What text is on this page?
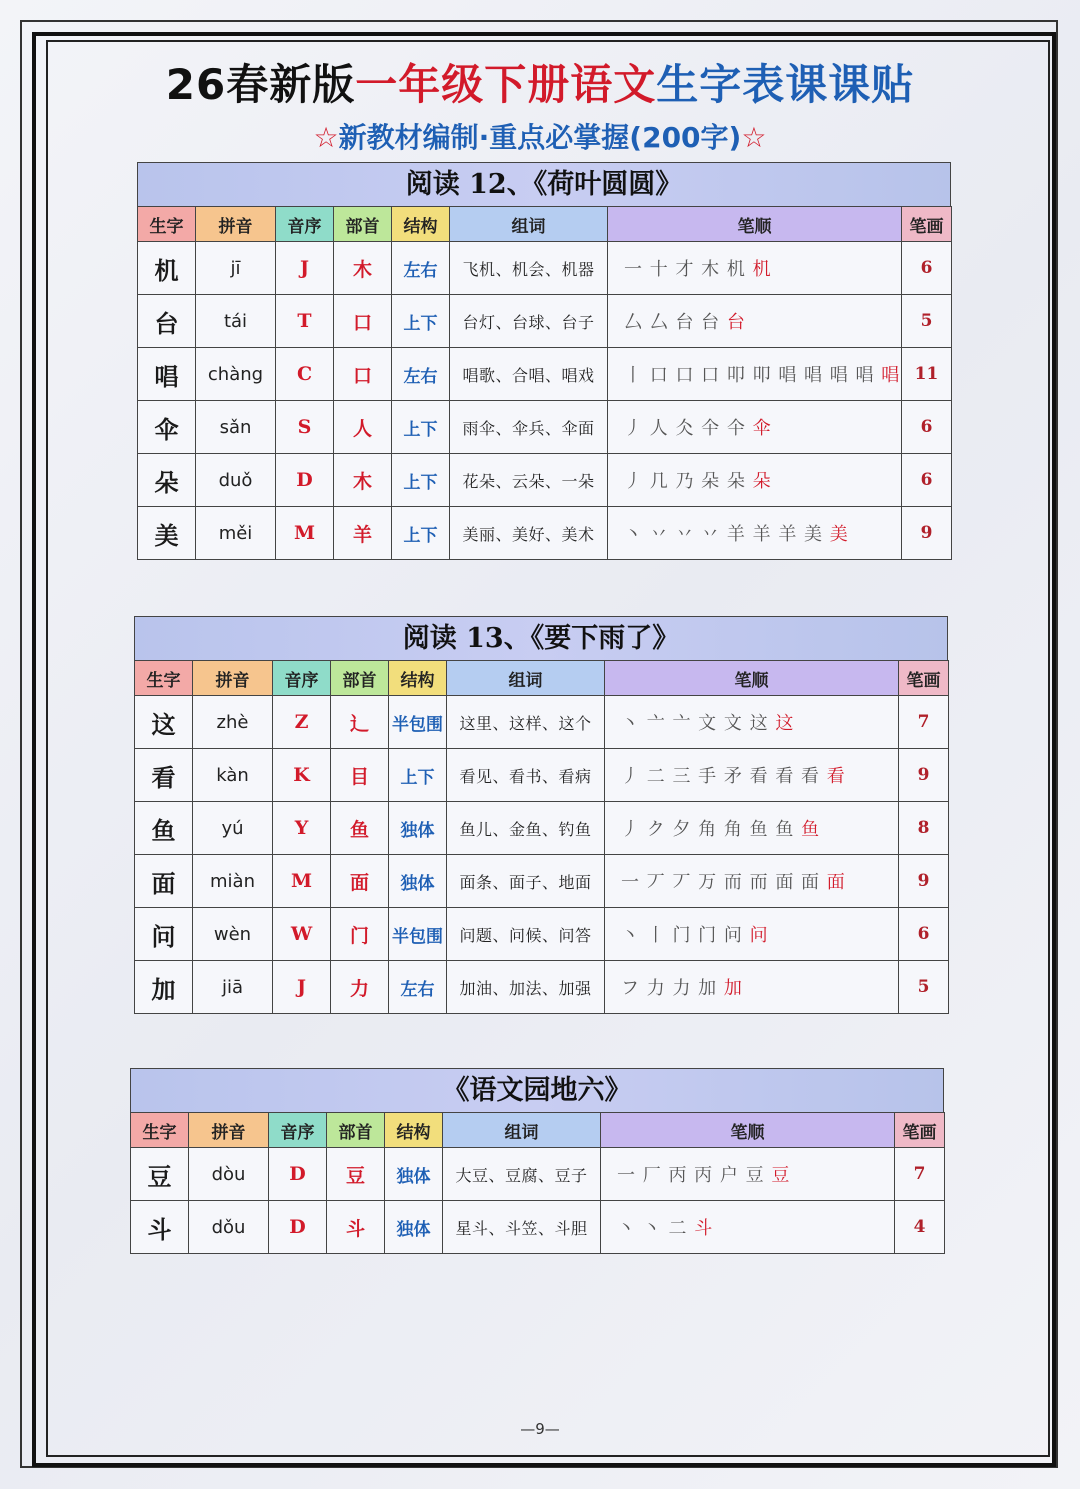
26春新版一年级下册语文生字表课课贴
☆新教材编制·重点必掌握(200字)☆
阅读 12、《荷叶圆圆》
生字	拼音	音序	部首	结构	组词	笔顺	笔画
机	jī	J	木	左右	飞机、机会、机器	一 十 才 木 机 机	6
台	tái	T	口	上下	台灯、台球、台子	厶 厶 台 台 台	5
唱	chàng	C	口	左右	唱歌、合唱、唱戏	丨 口 口 口 叩 叩 唱 唱 唱 唱 唱	11
伞	sǎn	S	人	上下	雨伞、伞兵、伞面	丿 人 仌 仐 仐 伞	6
朵	duǒ	D	木	上下	花朵、云朵、一朵	丿 几 乃 朵 朵 朵	6
美	měi	M	羊	上下	美丽、美好、美术	丶 丷 丷 丷 羊 羊 羊 美 美	9
阅读 13、《要下雨了》
生字	拼音	音序	部首	结构	组词	笔顺	笔画
这	zhè	Z	辶	半包围	这里、这样、这个	丶 亠 亠 文 文 这 这	7
看	kàn	K	目	上下	看见、看书、看病	丿 二 三 手 矛 看 看 看 看	9
鱼	yú	Y	鱼	独体	鱼儿、金鱼、钓鱼	丿 ク 夕 角 角 鱼 鱼 鱼	8
面	miàn	M	面	独体	面条、面子、地面	一 丆 丆 万 而 而 面 面 面	9
问	wèn	W	门	半包围	问题、问候、问答	丶 丨 门 门 问 问	6
加	jiā	J	力	左右	加油、加法、加强	フ 力 力 加 加	5
《语文园地六》
生字	拼音	音序	部首	结构	组词	笔顺	笔画
豆	dòu	D	豆	独体	大豆、豆腐、豆子	一 厂 丙 丙 户 豆 豆	7
斗	dǒu	D	斗	独体	星斗、斗笠、斗胆	丶 丶 二 斗	4
—9—
